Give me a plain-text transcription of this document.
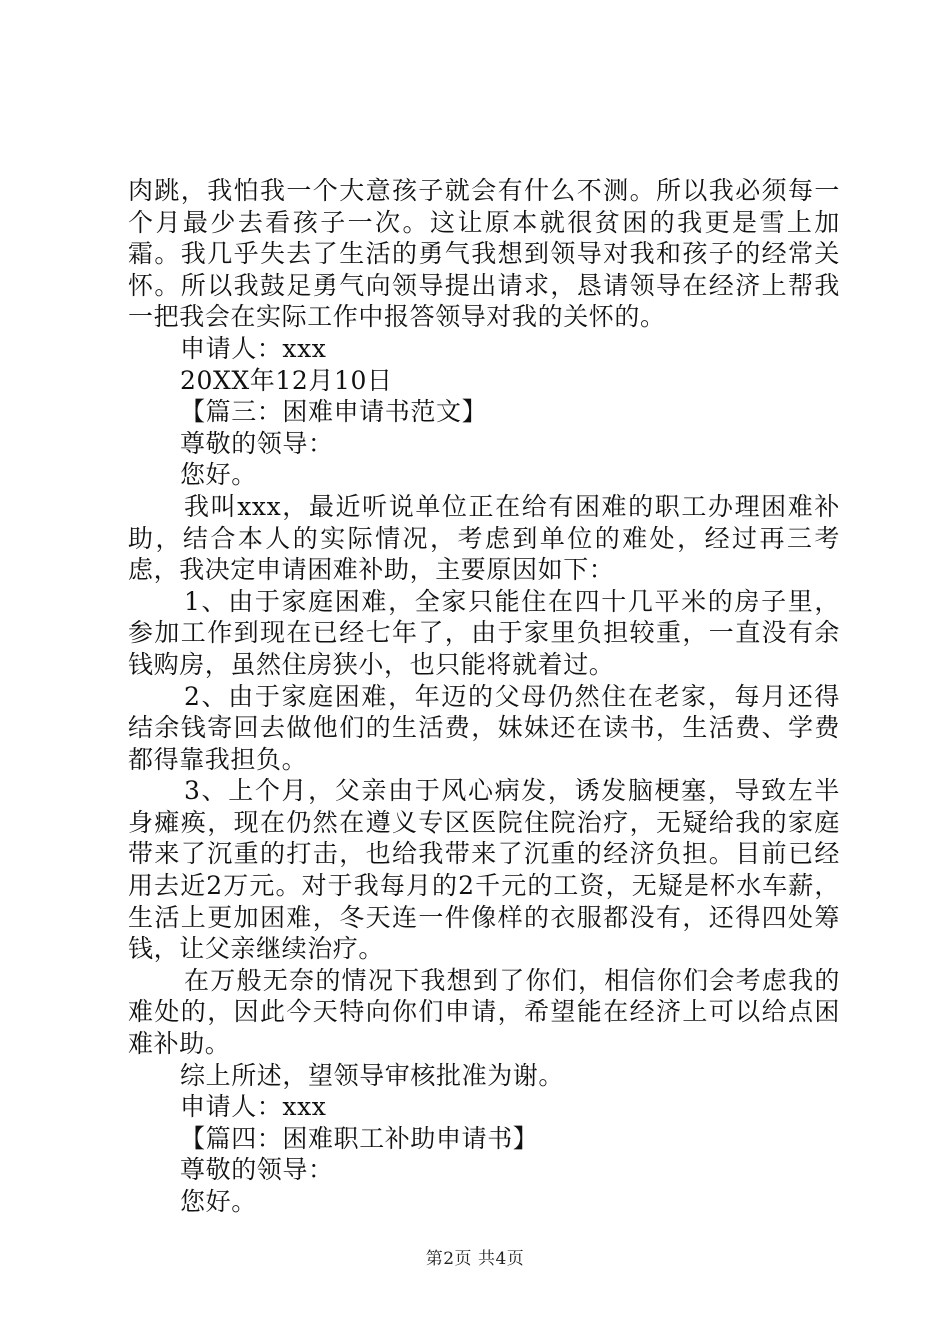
肉跳，我怕我一个大意孩子就会有什么不测。所以我必须每一个月最少去看孩子一次。这让原本就很贫困的我更是雪上加霜。我几乎失去了生活的勇气我想到领导对我和孩子的经常关怀。所以我鼓足勇气向领导提出请求，恳请领导在经济上帮我一把我会在实际工作中报答领导对我的关怀的。

申请人：xxx

20XX年12月10日

【篇三：困难申请书范文】

尊敬的领导：

您好。

我叫xxx，最近听说单位正在给有困难的职工办理困难补助，结合本人的实际情况，考虑到单位的难处，经过再三考虑，我决定申请困难补助，主要原因如下：

1、由于家庭困难，全家只能住在四十几平米的房子里，参加工作到现在已经七年了，由于家里负担较重，一直没有余钱购房，虽然住房狭小，也只能将就着过。

2、由于家庭困难，年迈的父母仍然住在老家，每月还得结余钱寄回去做他们的生活费，妹妹还在读书，生活费、学费都得靠我担负。

3、上个月，父亲由于风心病发，诱发脑梗塞，导致左半身瘫痪，现在仍然在遵义专区医院住院治疗，无疑给我的家庭带来了沉重的打击，也给我带来了沉重的经济负担。目前已经用去近2万元。对于我每月的2千元的工资，无疑是杯水车薪，生活上更加困难，冬天连一件像样的衣服都没有，还得四处筹钱，让父亲继续治疗。

在万般无奈的情况下我想到了你们，相信你们会考虑我的难处的，因此今天特向你们申请，希望能在经济上可以给点困难补助。

综上所述，望领导审核批准为谢。

申请人：xxx

【篇四：困难职工补助申请书】

尊敬的领导：

您好。

第2页 共4页
